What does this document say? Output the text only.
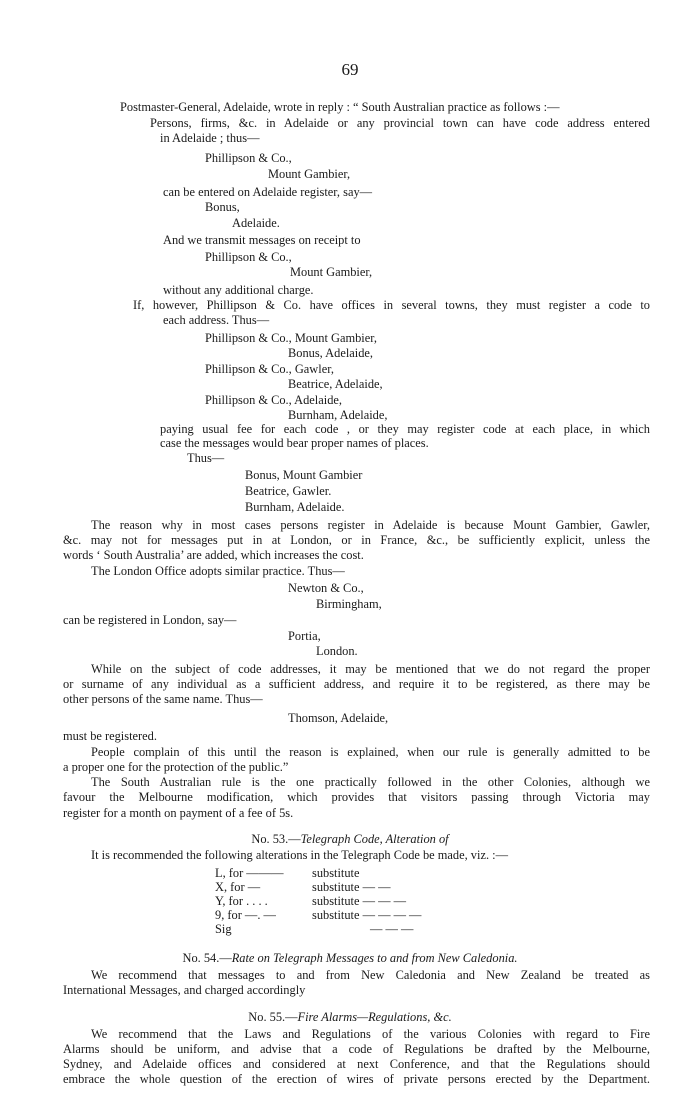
69
Postmaster-General, Adelaide, wrote in reply : “ South Australian practice as follows :—
Persons, firms, &c. in Adelaide or any provincial town can have code address entered
in Adelaide ; thus—
Phillipson & Co.,
Mount Gambier,
can be entered on Adelaide register, say—
Bonus,
Adelaide.
And we transmit messages on receipt to
Phillipson & Co.,
Mount Gambier,
without any additional charge.
If, however, Phillipson & Co. have offices in several towns, they must register a code to
each address. Thus—
Phillipson & Co., Mount Gambier,
Bonus, Adelaide,
Phillipson & Co., Gawler,
Beatrice, Adelaide,
Phillipson & Co., Adelaide,
Burnham, Adelaide,
paying usual fee for each code , or they may register code at each place, in which
case the messages would bear proper names of places.
Thus—
Bonus, Mount Gambier
Beatrice, Gawler.
Burnham, Adelaide.
The reason why in most cases persons register in Adelaide is because Mount Gambier, Gawler,
&c. may not for messages put in at London, or in France, &c., be sufficiently explicit, unless the
words ‘ South Australia’ are added, which increases the cost.
The London Office adopts similar practice. Thus—
Newton & Co.,
Birmingham,
can be registered in London, say—
Portia,
London.
While on the subject of code addresses, it may be mentioned that we do not regard the proper
or surname of any individual as a sufficient address, and require it to be registered, as there may be
other persons of the same name. Thus—
Thomson, Adelaide,
must be registered.
People complain of this until the reason is explained, when our rule is generally admitted to be
a proper one for the protection of the public.”
The South Australian rule is the one practically followed in the other Colonies, although we
favour the Melbourne modification, which provides that visitors passing through Victoria may
register for a month on payment of a fee of 5s.
No. 53.—Telegraph Code, Alteration of
It is recommended the following alterations in the Telegraph Code be made, viz. :—
L, for ——— substitute
X, for —	substitute — —
Y, for . . . .	substitute — — —
9, for —. —	substitute — — — —
Sig	— — —
No. 54.—Rate on Telegraph Messages to and from New Caledonia.
We recommend that messages to and from New Caledonia and New Zealand be treated as
International Messages, and charged accordingly
No. 55.—Fire Alarms—Regulations, &c.
We recommend that the Laws and Regulations of the various Colonies with regard to Fire
Alarms should be uniform, and advise that a code of Regulations be drafted by the Melbourne,
Sydney, and Adelaide offices and considered at next Conference, and that the Regulations should
embrace the whole question of the erection of wires of private persons erected by the Department.
